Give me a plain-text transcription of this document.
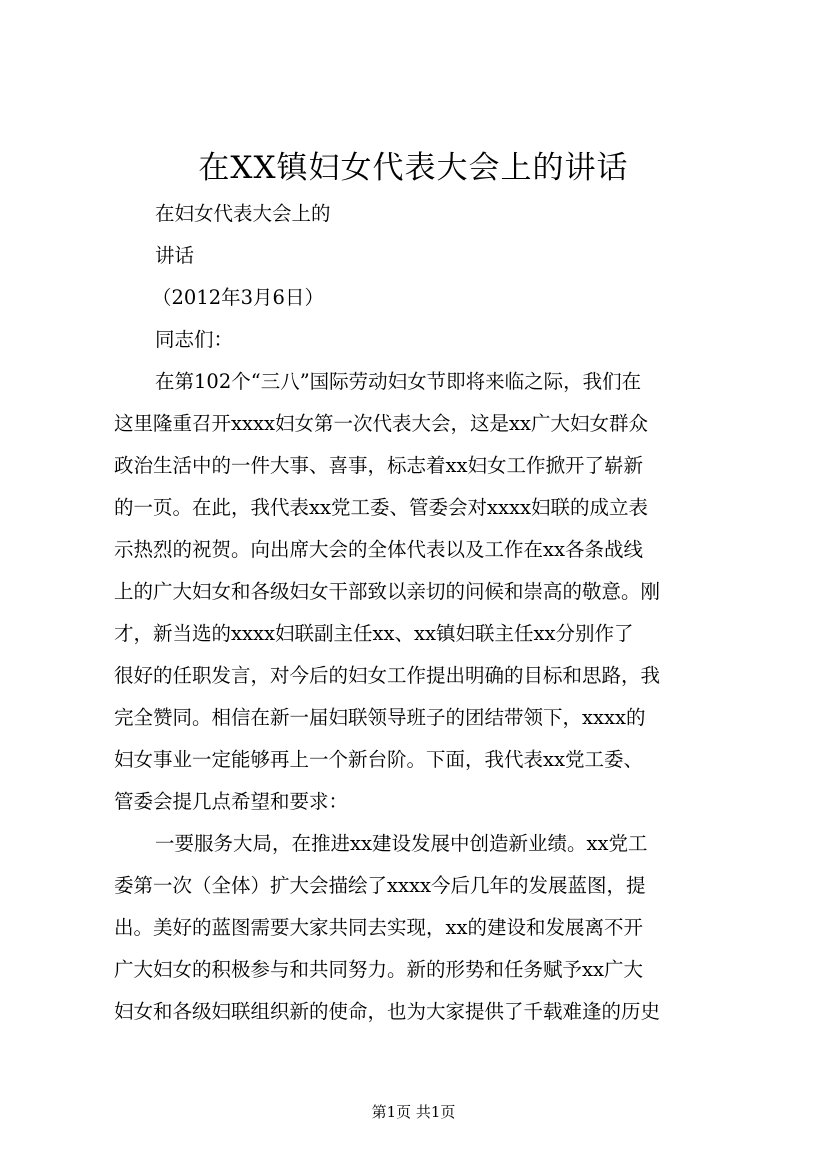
在XX镇妇女代表大会上的讲话
在妇女代表大会上的
讲话
（2012年3月6日）
同志们：
在第102个“三八”国际劳动妇女节即将来临之际，我们在
这里隆重召开xxxx妇女第一次代表大会，这是xx广大妇女群众
政治生活中的一件大事、喜事，标志着xx妇女工作掀开了崭新
的一页。在此，我代表xx党工委、管委会对xxxx妇联的成立表
示热烈的祝贺。向出席大会的全体代表以及工作在xx各条战线
上的广大妇女和各级妇女干部致以亲切的问候和崇高的敬意。刚
才，新当选的xxxx妇联副主任xx、xx镇妇联主任xx分别作了
很好的任职发言，对今后的妇女工作提出明确的目标和思路，我
完全赞同。相信在新一届妇联领导班子的团结带领下，xxxx的
妇女事业一定能够再上一个新台阶。下面，我代表xx党工委、
管委会提几点希望和要求：
一要服务大局，在推进xx建设发展中创造新业绩。xx党工
委第一次（全体）扩大会描绘了xxxx今后几年的发展蓝图，提
出。美好的蓝图需要大家共同去实现，xx的建设和发展离不开
广大妇女的积极参与和共同努力。新的形势和任务赋予xx广大
妇女和各级妇联组织新的使命，也为大家提供了千载难逢的历史
第1页 共1页
